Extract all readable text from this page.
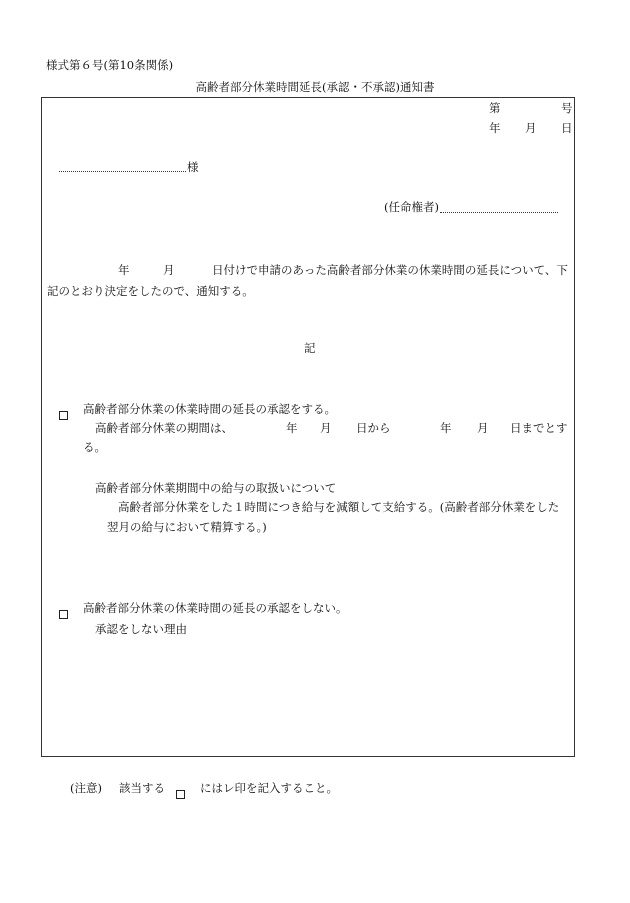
様式第６号(第10条関係)
高齢者部分休業時間延長(承認・不承認)通知書
第	号
年 月 日
様
(任命権者)
年	月	日付けで申請のあった高齢者部分休業の休業時間の延長について、下
記のとおり決定をしたので、通知する。
記
高齢者部分休業の休業時間の延長の承認をする。
高齢者部分休業の期間は、	年 月 日から	年 月 日までとす
る。
高齢者部分休業期間中の給与の取扱いについて
高齢者部分休業をした１時間につき給与を減額して支給する。(高齢者部分休業をした
翌月の給与において精算する。)
高齢者部分休業の休業時間の延長の承認をしない。
承認をしない理由
(注意) 該当する	にはレ印を記入すること。
